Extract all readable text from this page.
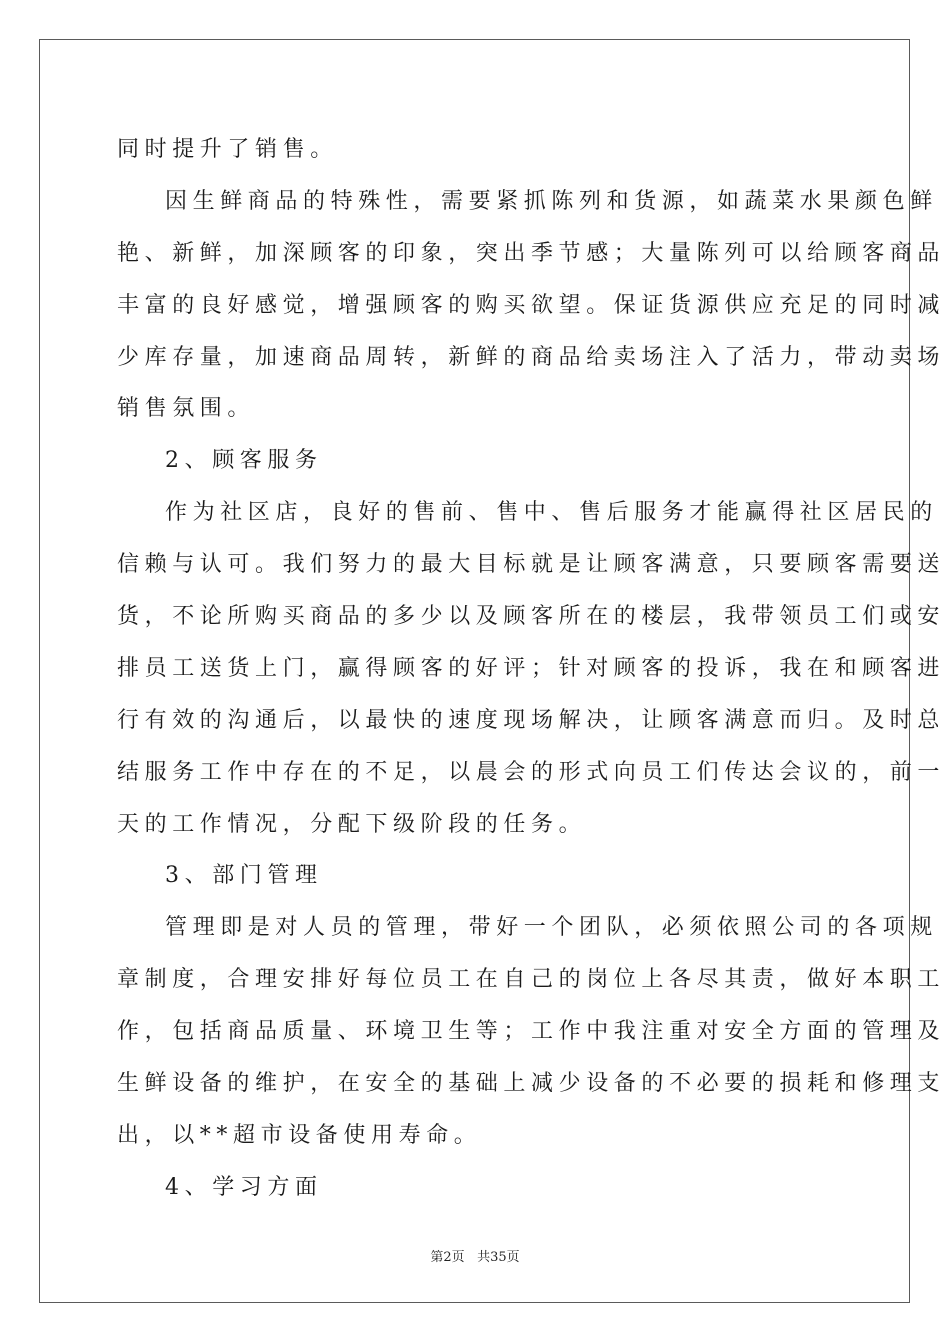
同时提升了销售。
因生鲜商品的特殊性，需要紧抓陈列和货源，如蔬菜水果颜色鲜
艳、新鲜，加深顾客的印象，突出季节感；大量陈列可以给顾客商品
丰富的良好感觉，增强顾客的购买欲望。保证货源供应充足的同时减
少库存量，加速商品周转，新鲜的商品给卖场注入了活力，带动卖场
销售氛围。
2、顾客服务
作为社区店，良好的售前、售中、售后服务才能赢得社区居民的
信赖与认可。我们努力的最大目标就是让顾客满意，只要顾客需要送
货，不论所购买商品的多少以及顾客所在的楼层，我带领员工们或安
排员工送货上门，赢得顾客的好评；针对顾客的投诉，我在和顾客进
行有效的沟通后，以最快的速度现场解决，让顾客满意而归。及时总
结服务工作中存在的不足，以晨会的形式向员工们传达会议的，前一
天的工作情况，分配下级阶段的任务。
3、部门管理
管理即是对人员的管理，带好一个团队，必须依照公司的各项规
章制度，合理安排好每位员工在自己的岗位上各尽其责，做好本职工
作，包括商品质量、环境卫生等；工作中我注重对安全方面的管理及
生鲜设备的维护，在安全的基础上减少设备的不必要的损耗和修理支
出，以**超市设备使用寿命。
4、学习方面
第2页 共35页
